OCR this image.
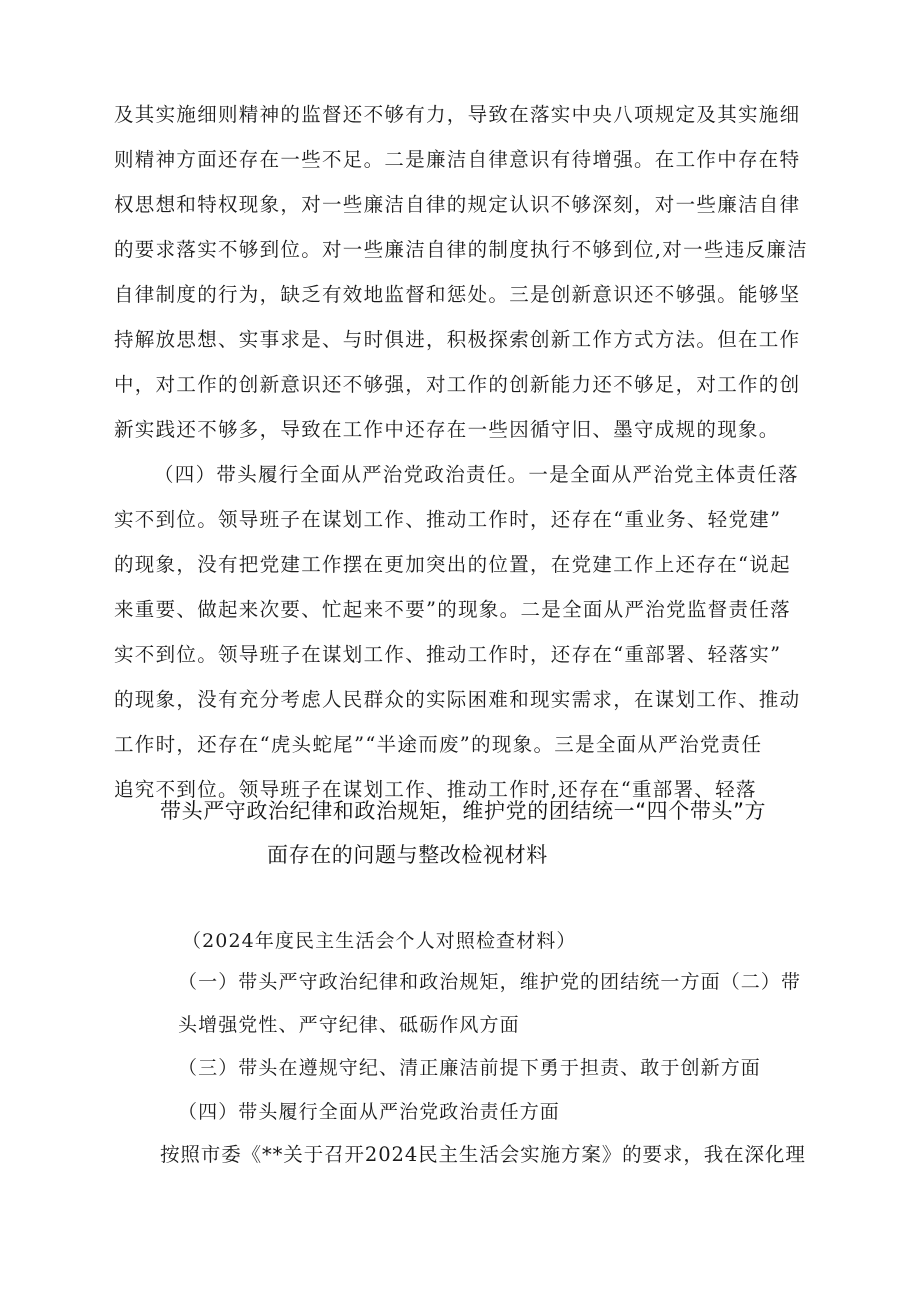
及其实施细则精神的监督还不够有力，导致在落实中央八项规定及其实施细
则精神方面还存在一些不足。二是廉洁自律意识有待增强。在工作中存在特
权思想和特权现象，对一些廉洁自律的规定认识不够深刻，对一些廉洁自律
的要求落实不够到位。对一些廉洁自律的制度执行不够到位,对一些违反廉洁
自律制度的行为，缺乏有效地监督和惩处。三是创新意识还不够强。能够坚
持解放思想、实事求是、与时俱进，积极探索创新工作方式方法。但在工作
中，对工作的创新意识还不够强，对工作的创新能力还不够足，对工作的创
新实践还不够多，导致在工作中还存在一些因循守旧、墨守成规的现象。
（四）带头履行全面从严治党政治责任。一是全面从严治党主体责任落
实不到位。领导班子在谋划工作、推动工作时，还存在“重业务、轻党建”
的现象，没有把党建工作摆在更加突出的位置，在党建工作上还存在“说起
来重要、做起来次要、忙起来不要”的现象。二是全面从严治党监督责任落
实不到位。领导班子在谋划工作、推动工作时，还存在“重部署、轻落实”
的现象，没有充分考虑人民群众的实际困难和现实需求，在谋划工作、推动
工作时，还存在“虎头蛇尾”“半途而废”的现象。三是全面从严治党责任
追究不到位。领导班子在谋划工作、推动工作时,还存在“重部署、轻落
带头严守政治纪律和政治规矩，维护党的团结统一“四个带头”方
面存在的问题与整改检视材料
（2024年度民主生活会个人对照检查材料）
（一）带头严守政治纪律和政治规矩，维护党的团结统一方面（二）带
头增强党性、严守纪律、砥砺作风方面
（三）带头在遵规守纪、清正廉洁前提下勇于担责、敢于创新方面
（四）带头履行全面从严治党政治责任方面
按照市委《**关于召开2024民主生活会实施方案》的要求，我在深化理
